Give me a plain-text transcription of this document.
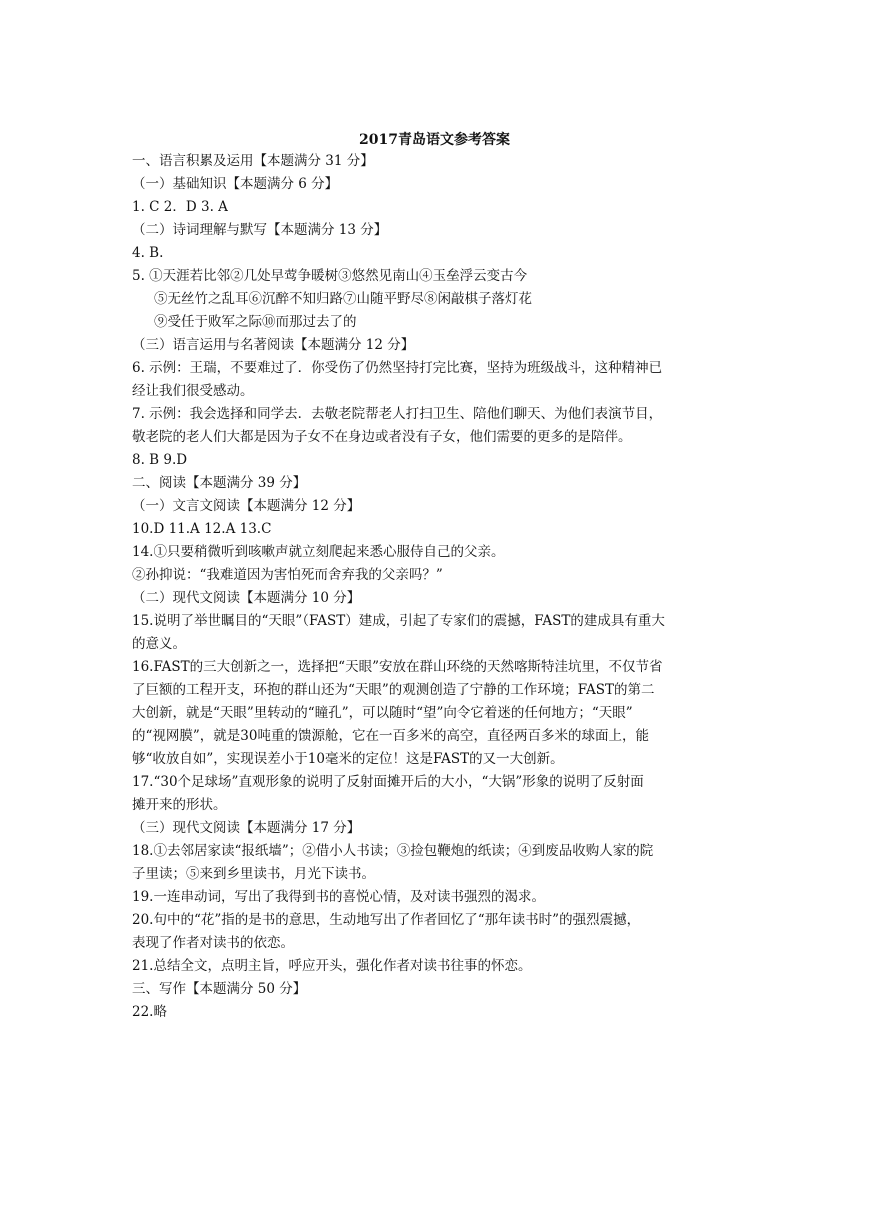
2017青岛语文参考答案
一、语言积累及运用【本题满分 31 分】
（一）基础知识【本题满分 6 分】
1. C 2．D 3. A
（二）诗词理解与默写【本题满分 13 分】
4. B.
5. ①天涯若比邻②几处早莺争暖树③悠然见南山④玉垒浮云变古今
⑤无丝竹之乱耳⑥沉醉不知归路⑦山随平野尽⑧闲敲棋子落灯花
⑨受任于败军之际⑩而那过去了的
（三）语言运用与名著阅读【本题满分 12 分】
6. 示例：王瑞，不要难过了．你受伤了仍然坚持打完比赛，坚持为班级战斗，这种精神已
经让我们很受感动。
7. 示例：我会选择和同学去．去敬老院帮老人打扫卫生、陪他们聊天、为他们表演节目，
敬老院的老人们大都是因为子女不在身边或者没有子女，他们需要的更多的是陪伴。
8. B 9.D
二、阅读【本题满分 39 分】
（一）文言文阅读【本题满分 12 分】
10.D 11.A 12.A 13.C
14.①只要稍微听到咳嗽声就立刻爬起来悉心服侍自己的父亲。
②孙抑说：“我难道因为害怕死而舍弃我的父亲吗？”
（二）现代文阅读【本题满分 10 分】
15.说明了举世瞩目的“天眼”（FAST）建成，引起了专家们的震撼，FAST的建成具有重大
的意义。
16.FAST的三大创新之一，选择把“天眼”安放在群山环绕的天然喀斯特洼坑里，不仅节省
了巨额的工程开支，环抱的群山还为“天眼”的观测创造了宁静的工作环境；FAST的第二
大创新，就是“天眼”里转动的“瞳孔”，可以随时“望”向令它着迷的任何地方；“天眼”
的“视网膜”，就是30吨重的馈源舱，它在一百多米的高空，直径两百多米的球面上，能
够“收放自如”，实现误差小于10毫米的定位！这是FAST的又一大创新。
17.“30个足球场”直观形象的说明了反射面摊开后的大小，“大锅”形象的说明了反射面
摊开来的形状。
（三）现代文阅读【本题满分 17 分】
18.①去邻居家读“报纸墙”；②借小人书读；③捡包鞭炮的纸读；④到废品收购人家的院
子里读；⑤来到乡里读书，月光下读书。
19.一连串动词，写出了我得到书的喜悦心情，及对读书强烈的渴求。
20.句中的“花”指的是书的意思，生动地写出了作者回忆了“那年读书时”的强烈震撼，
表现了作者对读书的依恋。
21.总结全文，点明主旨，呼应开头，强化作者对读书往事的怀恋。
三、写作【本题满分 50 分】
22.略
